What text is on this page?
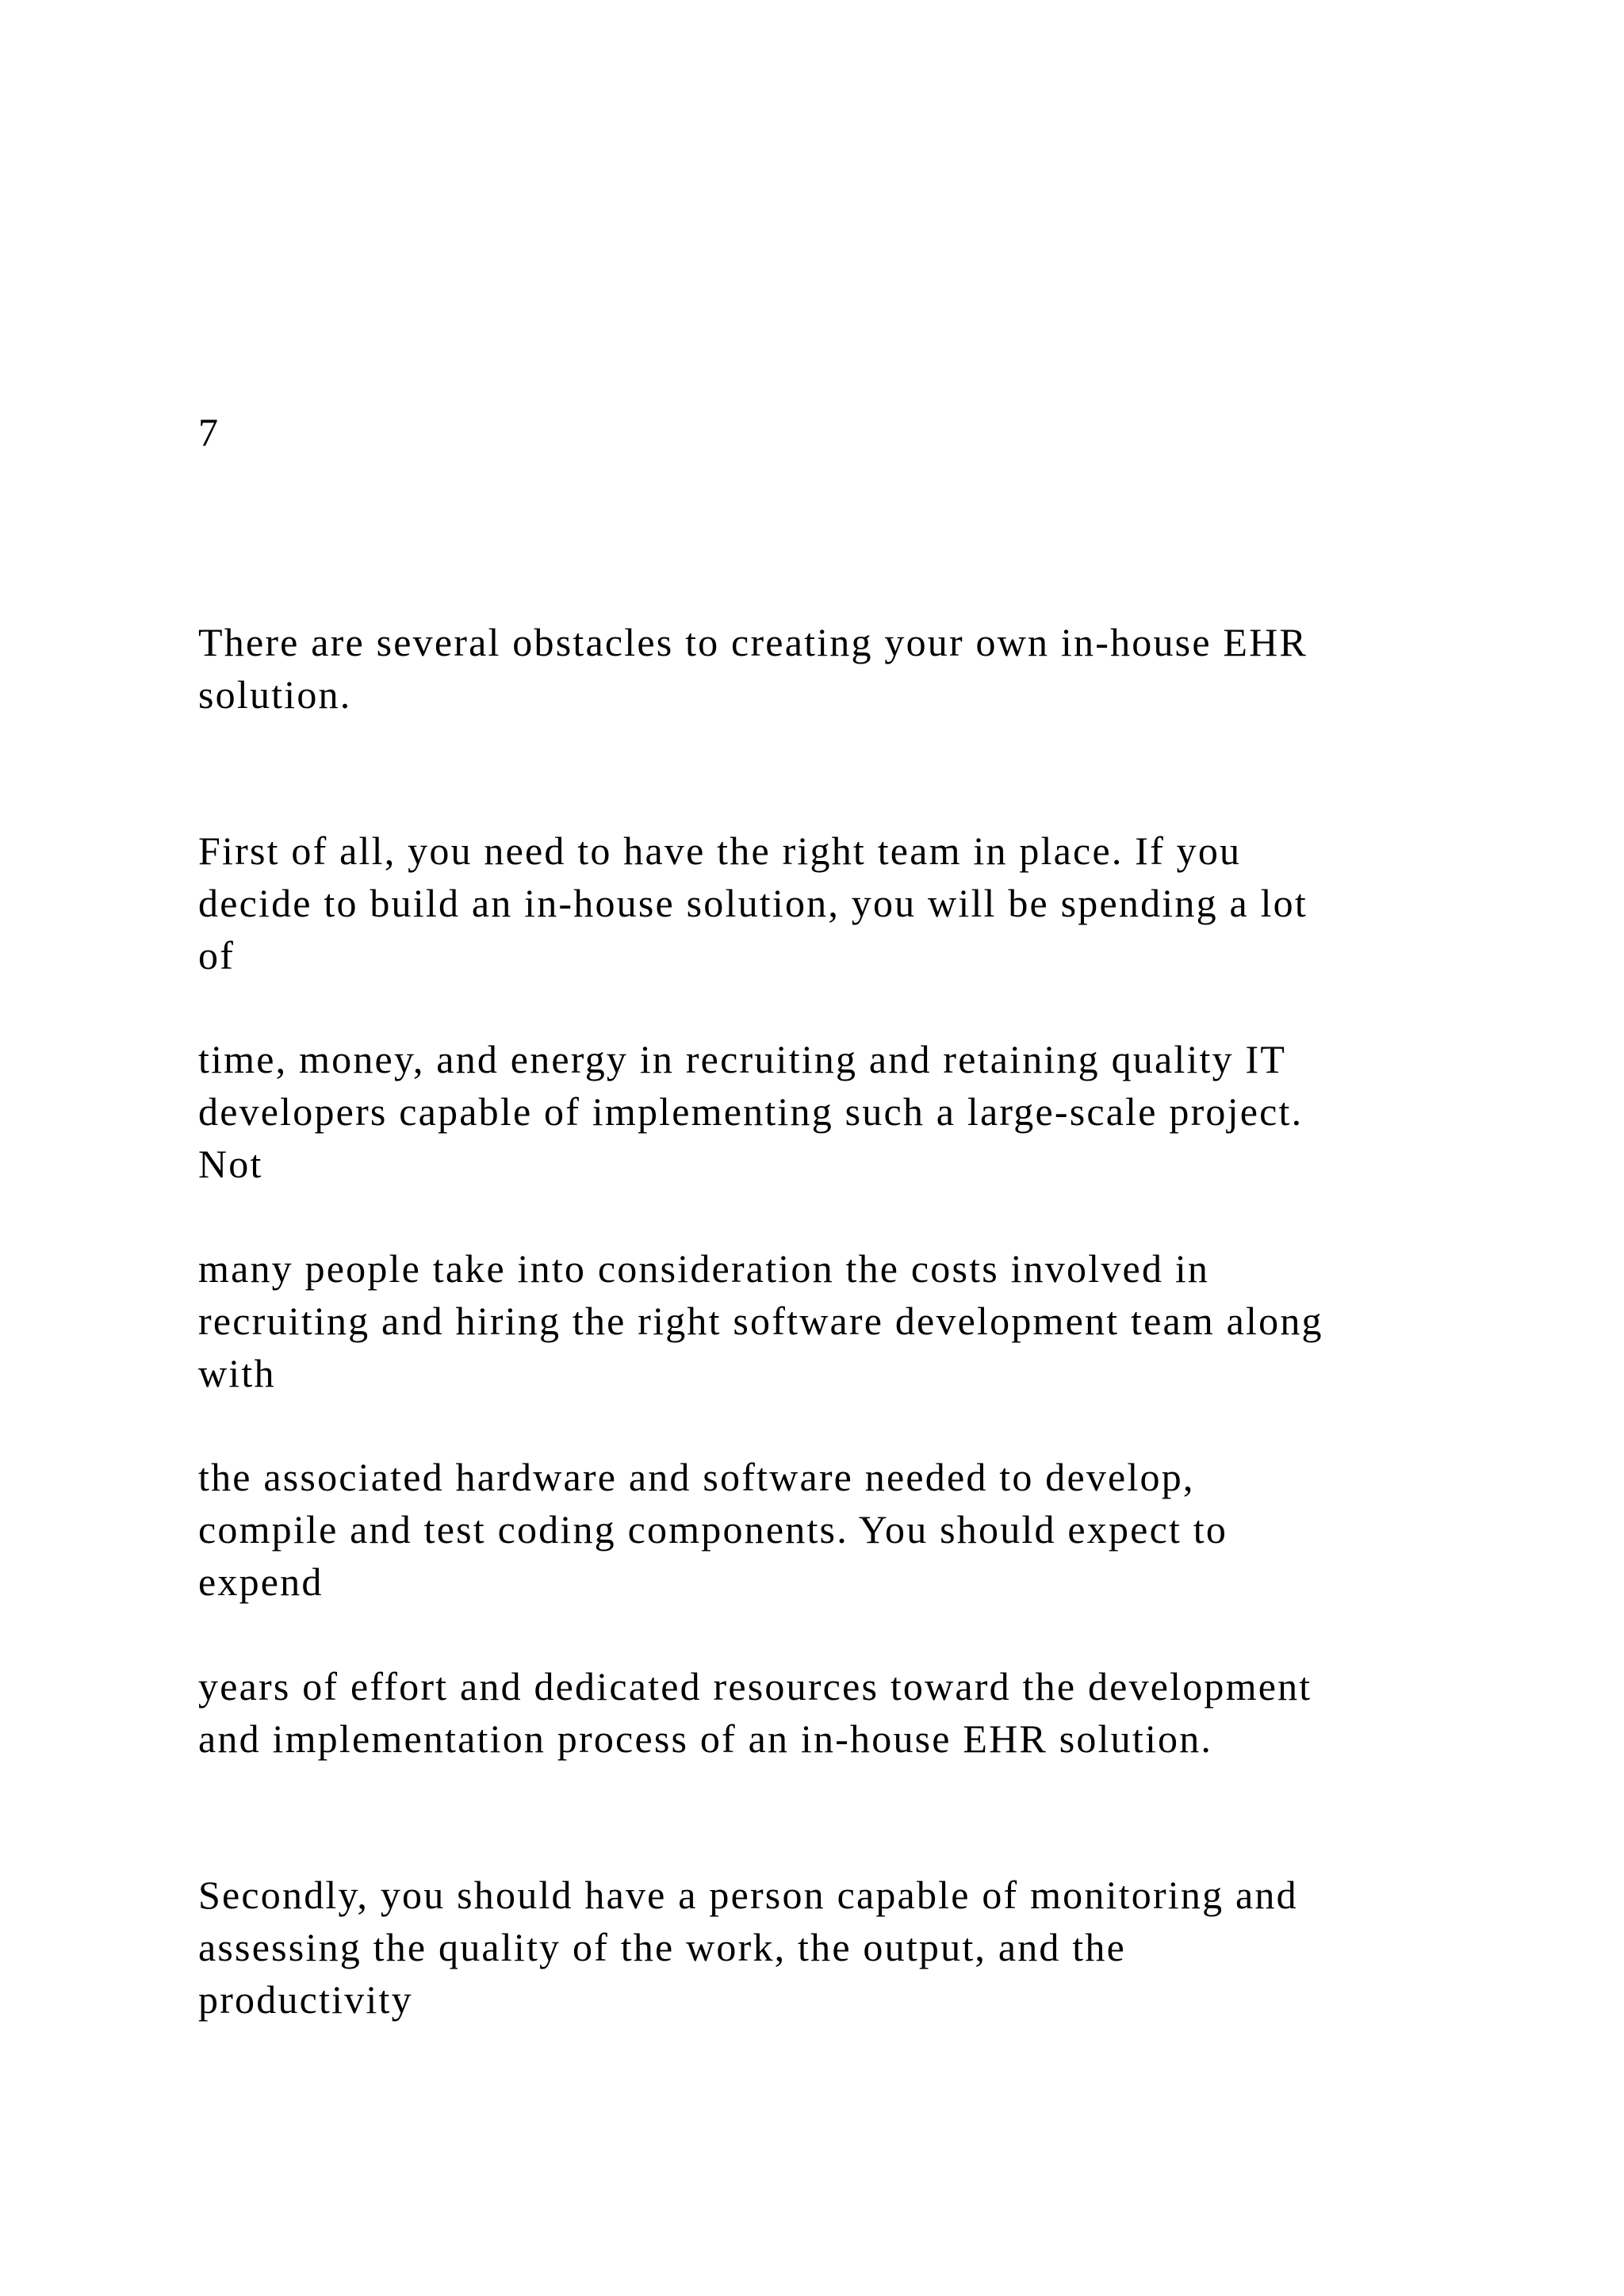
7

There are several obstacles to creating your own in-house EHR

solution.

First of all, you need to have the right team in place. If you

decide to build an in-house solution, you will be spending a lot

of

time, money, and energy in recruiting and retaining quality IT

developers capable of implementing such a large-scale project.

Not

many people take into consideration the costs involved in

recruiting and hiring the right software development team along

with

the associated hardware and software needed to develop,

compile and test coding components. You should expect to

expend

years of effort and dedicated resources toward the development

and implementation process of an in-house EHR solution.

Secondly, you should have a person capable of monitoring and

assessing the quality of the work, the output, and the

productivity
